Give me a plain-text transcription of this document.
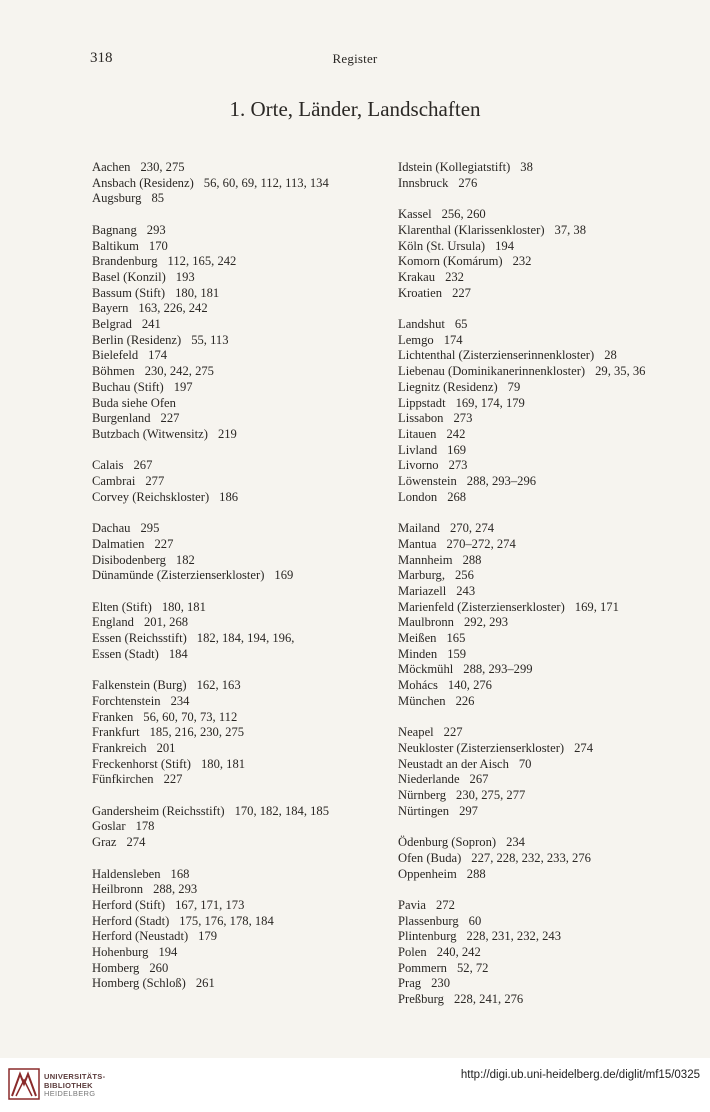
318	Register
1. Orte, Länder, Landschaften
Aachen 230, 275
Ansbach (Residenz) 56, 60, 69, 112, 113, 134
Augsburg 85
Bagnang 293
Baltikum 170
Brandenburg 112, 165, 242
Basel (Konzil) 193
Bassum (Stift) 180, 181
Bayern 163, 226, 242
Belgrad 241
Berlin (Residenz) 55, 113
Bielefeld 174
Böhmen 230, 242, 275
Buchau (Stift) 197
Buda siehe Ofen
Burgenland 227
Butzbach (Witwensitz) 219
Calais 267
Cambrai 277
Corvey (Reichskloster) 186
Dachau 295
Dalmatien 227
Disibodenberg 182
Dünamünde (Zisterzienserkloster) 169
Elten (Stift) 180, 181
England 201, 268
Essen (Reichsstift) 182, 184, 194, 196,
Essen (Stadt) 184
Falkenstein (Burg) 162, 163
Forchtenstein 234
Franken 56, 60, 70, 73, 112
Frankfurt 185, 216, 230, 275
Frankreich 201
Freckenhorst (Stift) 180, 181
Fünfkirchen 227
Gandersheim (Reichsstift) 170, 182, 184, 185
Goslar 178
Graz 274
Haldensleben 168
Heilbronn 288, 293
Herford (Stift) 167, 171, 173
Herford (Stadt) 175, 176, 178, 184
Herford (Neustadt) 179
Hohenburg 194
Homberg 260
Homberg (Schloß) 261
Idstein (Kollegiatstift) 38
Innsbruck 276
Kassel 256, 260
Klarenthal (Klarissenkloster) 37, 38
Köln (St. Ursula) 194
Komorn (Komárum) 232
Krakau 232
Kroatien 227
Landshut 65
Lemgo 174
Lichtenthal (Zisterzienserinnenkloster) 28
Liebenau (Dominikanerinnenkloster) 29, 35, 36
Liegnitz (Residenz) 79
Lippstadt 169, 174, 179
Lissabon 273
Litauen 242
Livland 169
Livorno 273
Löwenstein 288, 293–296
London 268
Mailand 270, 274
Mantua 270–272, 274
Mannheim 288
Marburg, 256
Mariazell 243
Marienfeld (Zisterzienserkloster) 169, 171
Maulbronn 292, 293
Meißen 165
Minden 159
Möckmühl 288, 293–299
Mohács 140, 276
München 226
Neapel 227
Neukloster (Zisterzienserkloster) 274
Neustadt an der Aisch 70
Niederlande 267
Nürnberg 230, 275, 277
Nürtingen 297
Ödenburg (Sopron) 234
Ofen (Buda) 227, 228, 232, 233, 276
Oppenheim 288
Pavia 272
Plassenburg 60
Plintenburg 228, 231, 232, 243
Polen 240, 242
Pommern 52, 72
Prag 230
Preßburg 228, 241, 276
UNIVERSITÄTS-
BIBLIOTHEK
HEIDELBERG
http://digi.ub.uni-heidelberg.de/diglit/mf15/0325
